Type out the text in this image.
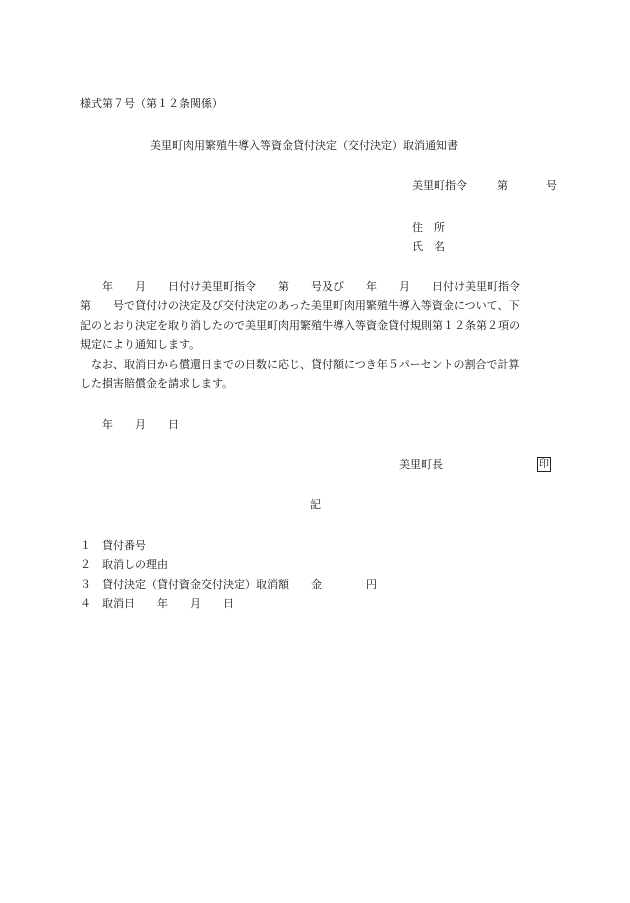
様式第７号（第１２条関係）
美里町肉用繁殖牛導入等資金貸付決定（交付決定）取消通知書
美里町指令	第	号
住　所
氏　名
　　年　　月　　日付け美里町指令　　第　　号及び　　年　　月　　日付け美里町指令
第　　号で貸付けの決定及び交付決定のあった美里町肉用繁殖牛導入等資金について、下
記のとおり決定を取り消したので美里町肉用繁殖牛導入等資金貸付規則第１２条第２項の
規定により通知します。
　なお、取消日から償還日までの日数に応じ、貸付額につき年５パーセントの割合で計算
した損害賠償金を請求します。
　　年　　月　　日
美里町長	印
記
１ 貸付番号
２ 取消しの理由
３ 貸付決定（貸付資金交付決定）取消額　　金　　　　円
４ 取消日　　年　　月　　日
